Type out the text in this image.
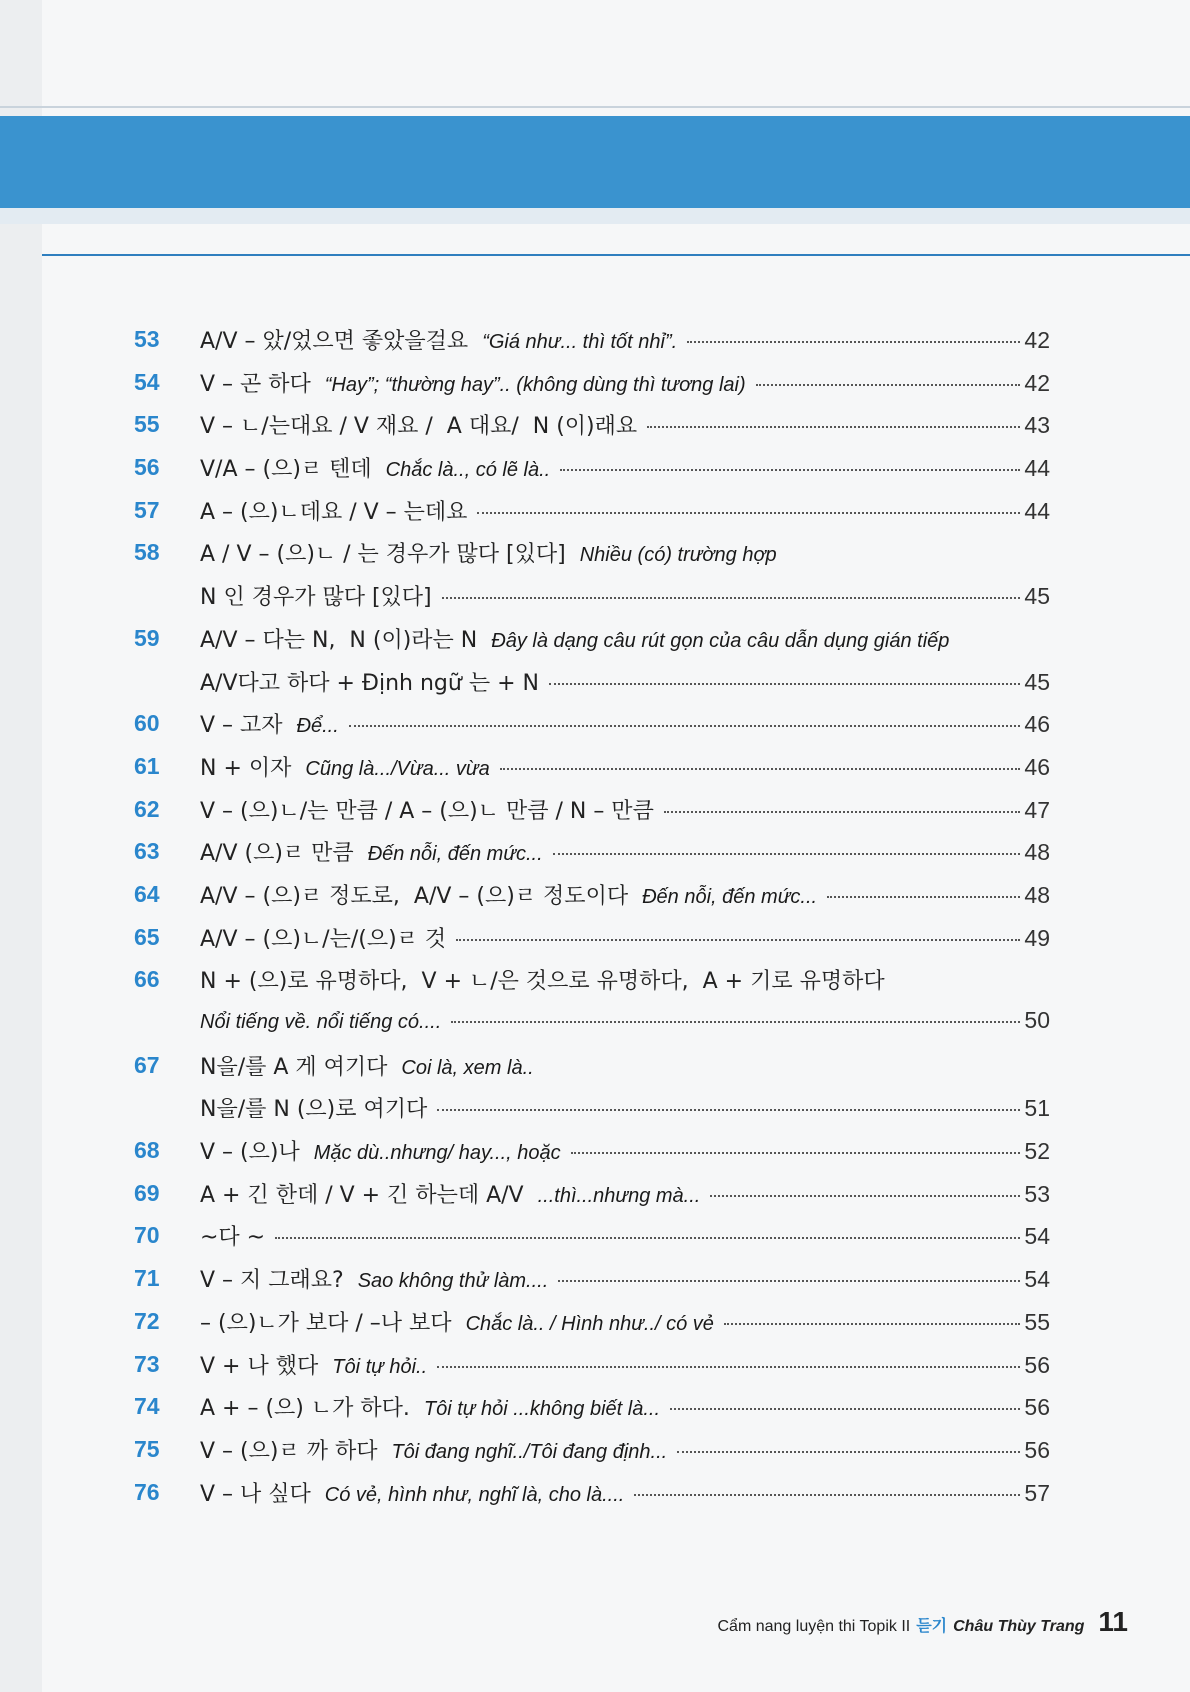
53	A/V – 았/었으면 좋았을걸요 “Giá như... thì tốt nhỉ”.	42
54	V – 곤 하다 “Hay”; “thường hay”.. (không dùng thì tương lai)	42
55	V – ㄴ/는대요 / V 재요 /  A 대요/  N (이)래요	43
56	V/A – (으)ㄹ 텐데 Chắc là.., có lẽ là..	44
57	A – (으)ㄴ데요 / V – 는데요	44
58	A / V – (으)ㄴ / 는 경우가 많다 [있다] Nhiều (có) trường hợp
N 인 경우가 많다 [있다]	45
59	A/V – 다는 N,  N (이)라는 N Đây là dạng câu rút gọn của câu dẫn dụng gián tiếp
A/V다고 하다 + Định ngữ 는 + N	45
60	V – 고자 Để...	46
61	N + 이자 Cũng là.../Vừa... vừa	46
62	V – (으)ㄴ/는 만큼 / A – (으)ㄴ 만큼 / N – 만큼	47
63	A/V (으)ㄹ 만큼 Đến nỗi, đến mức...	48
64	A/V – (으)ㄹ 정도로,  A/V – (으)ㄹ 정도이다 Đến nỗi, đến mức...	48
65	A/V – (으)ㄴ/는/(으)ㄹ 것	49
66	N + (으)로 유명하다,  V + ㄴ/은 것으로 유명하다,  A + 기로 유명하다
Nổi tiếng về. nổi tiếng có....	50
67	N을/를 A 게 여기다 Coi là, xem là..
N을/를 N (으)로 여기다	51
68	V – (으)나 Mặc dù..nhưng/ hay..., hoặc	52
69	A + 긴 한데 / V + 긴 하는데 A/V ...thì...nhưng mà...	53
70	~다 ~	54
71	V – 지 그래요? Sao không thử làm....	54
72	– (으)ㄴ가 보다 / –나 보다 Chắc là.. / Hình như../ có vẻ	55
73	V + 나 했다 Tôi tự hỏi..	56
74	A + – (으) ㄴ가 하다. Tôi tự hỏi ...không biết là...	56
75	V – (으)ㄹ 까 하다 Tôi đang nghĩ../Tôi đang định...	56
76	V – 나 싶다 Có vẻ, hình như, nghĩ là, cho là....	57
Cẩm nang luyện thi Topik II 듣기 Châu Thùy Trang 11
